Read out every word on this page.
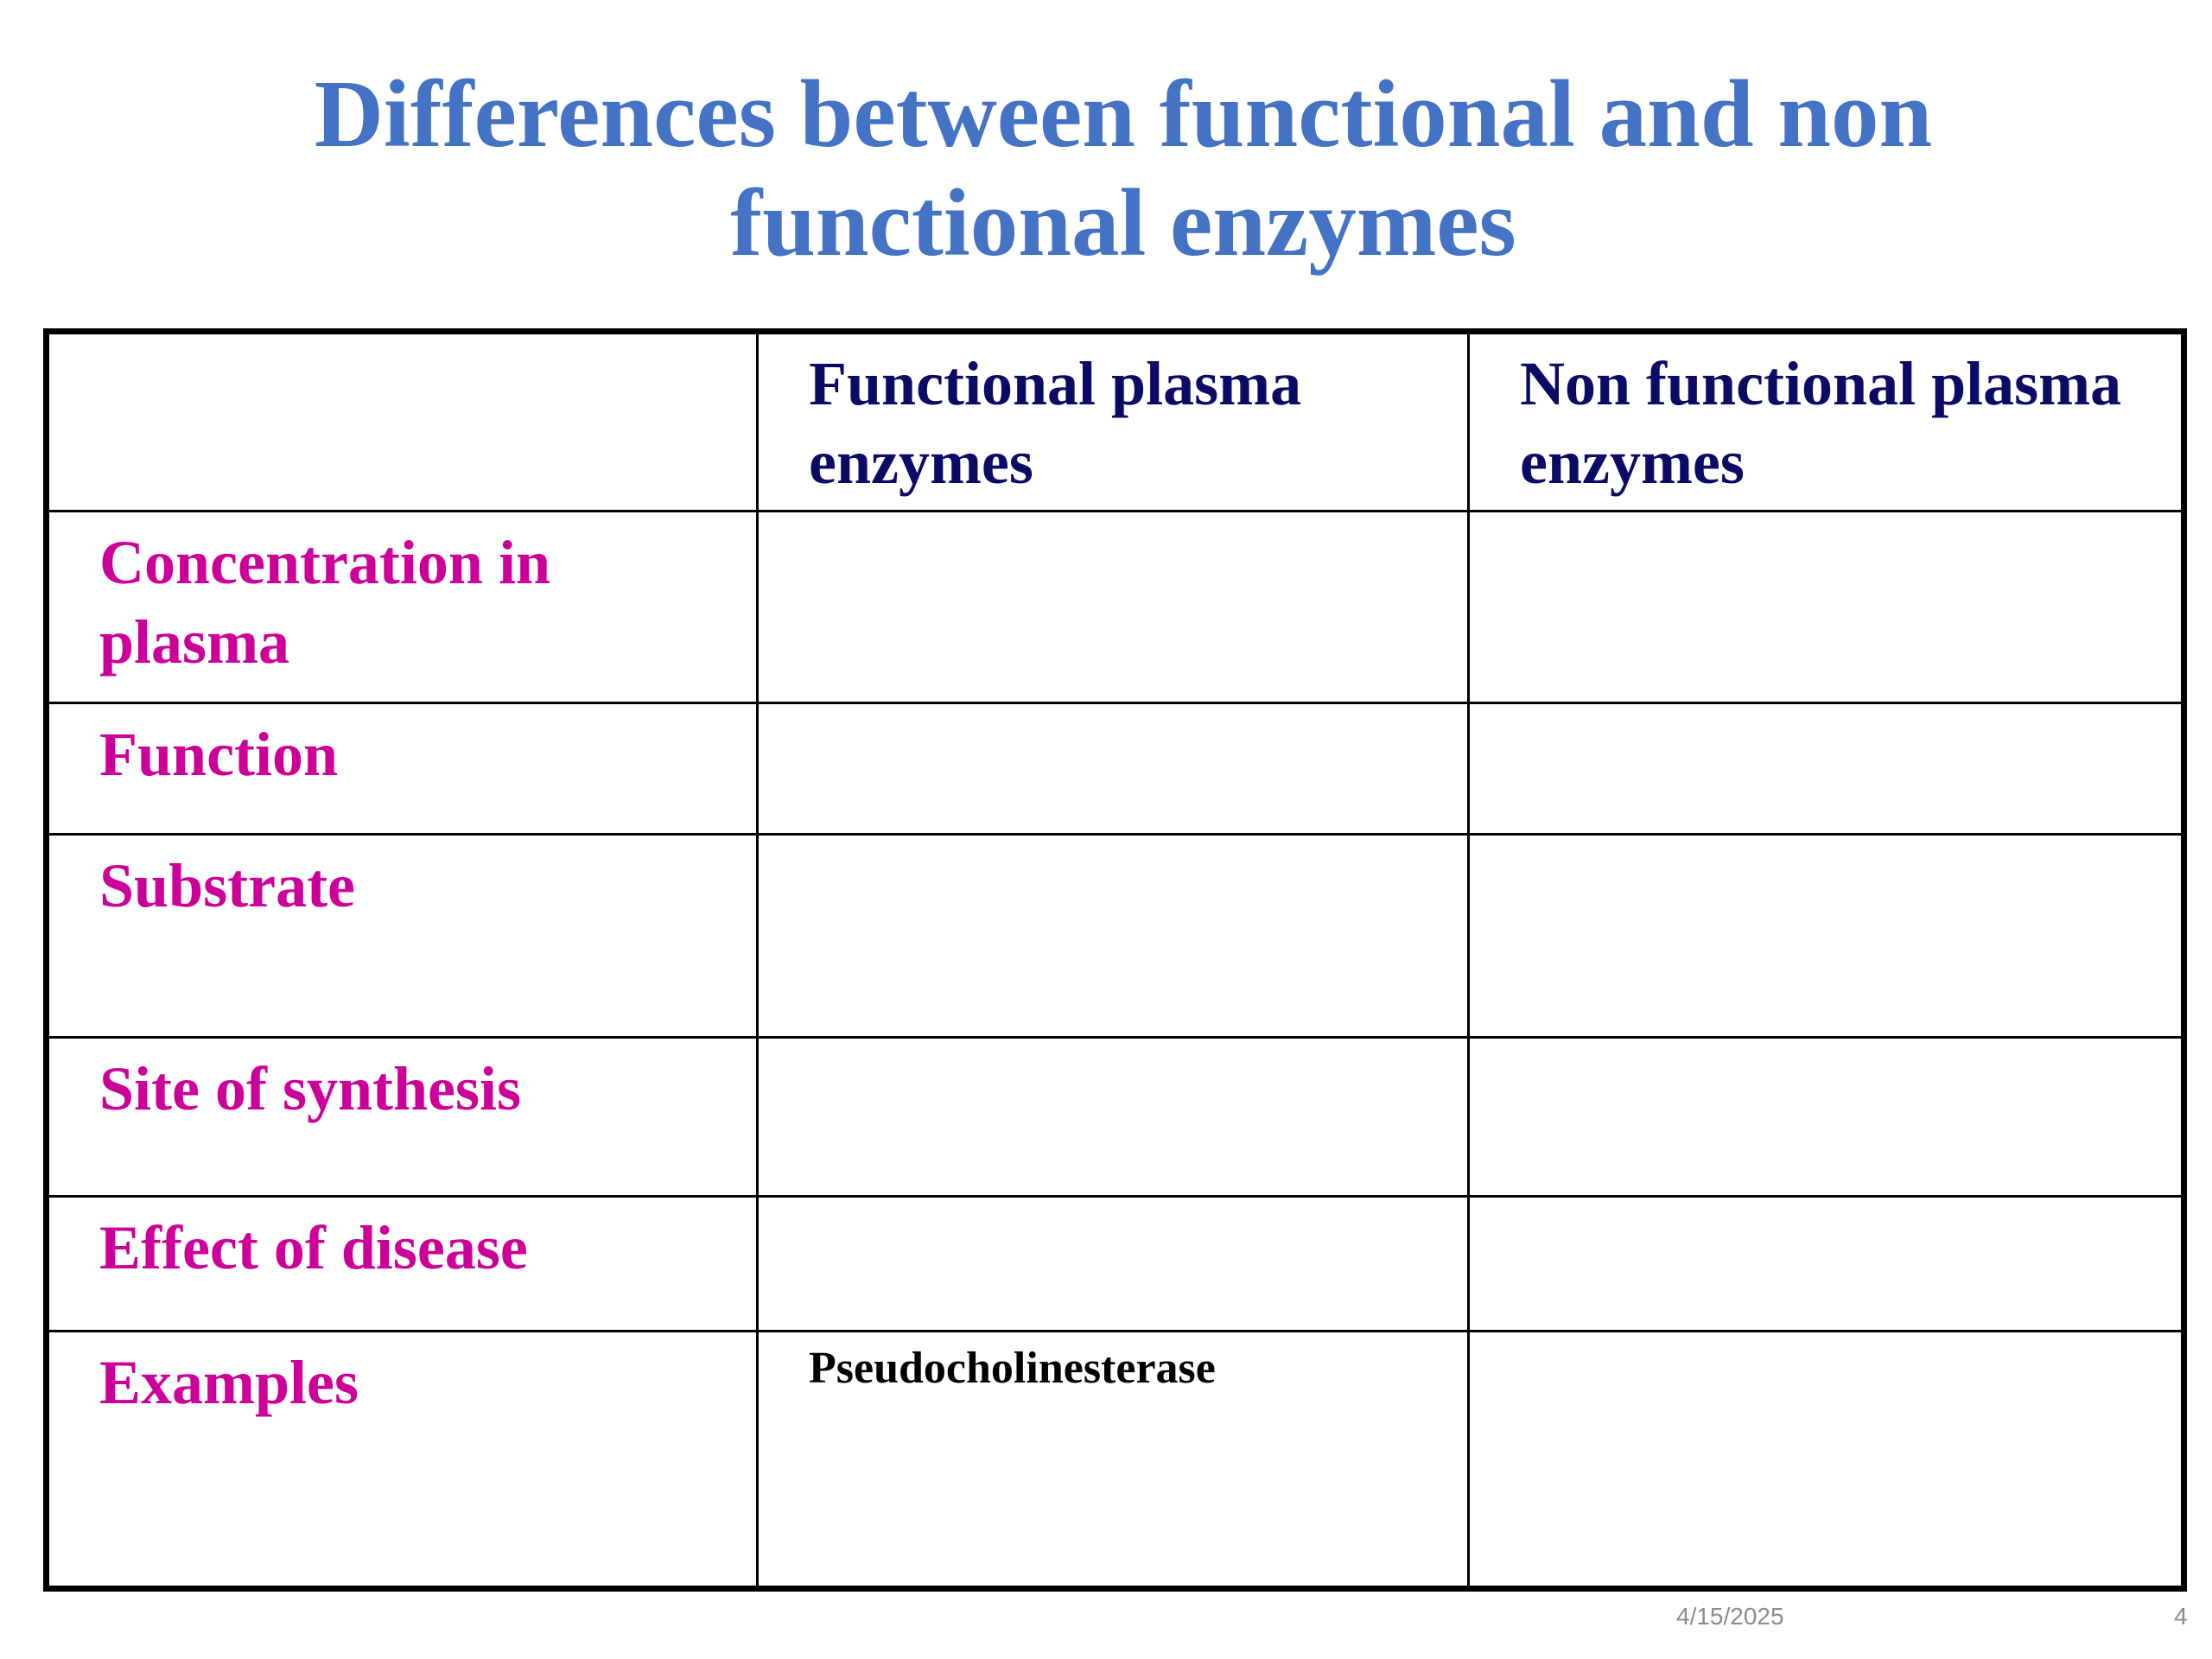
Differences between functional and non
functional enzymes

	Functional plasma enzymes	Non functional plasma enzymes

Concentration in plasma		

Function		

Substrate		

Site of synthesis		

Effect of disease		

Examples	Pseudocholinesterase	

4/15/2025	4
